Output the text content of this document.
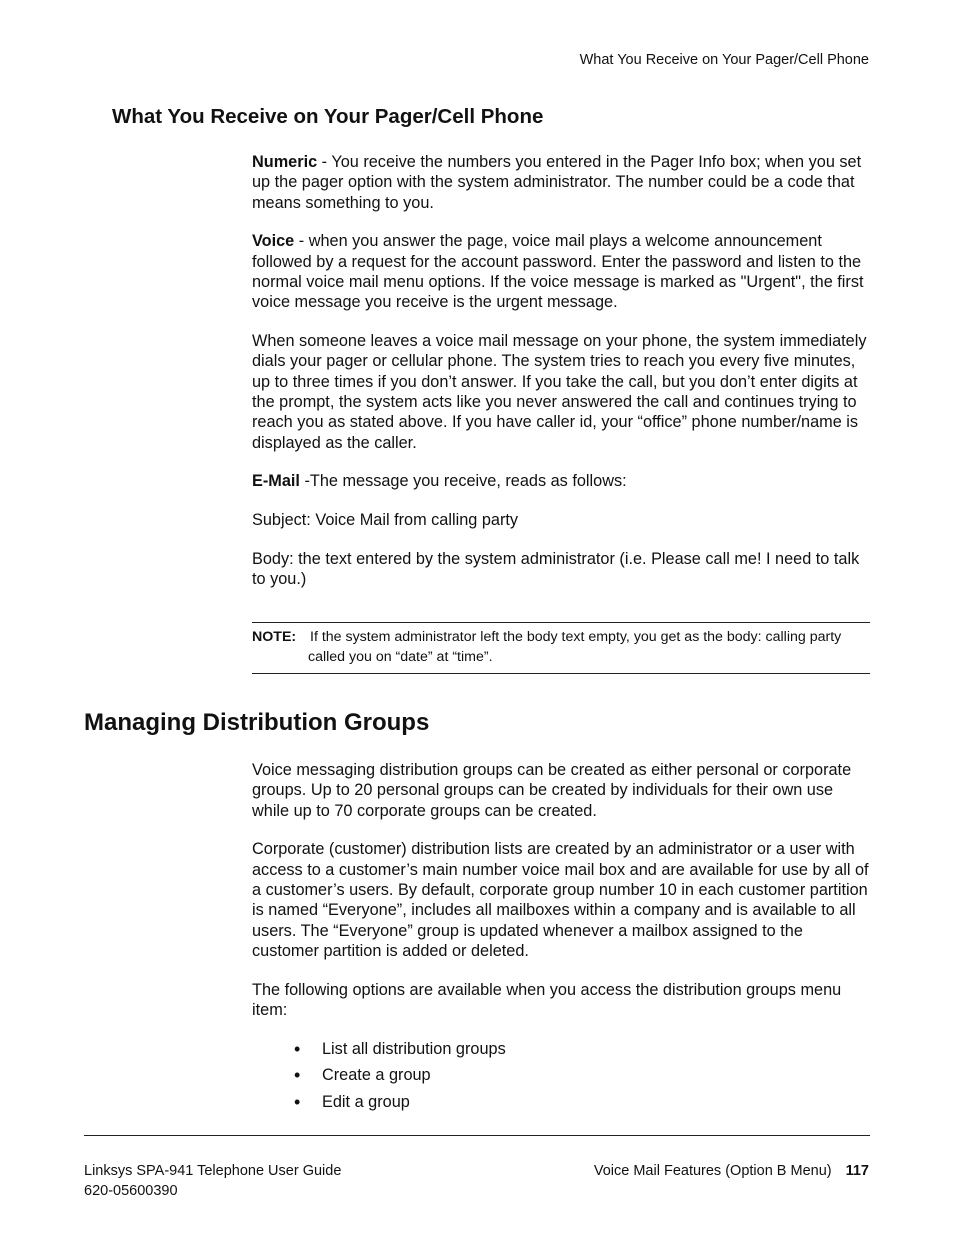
What You Receive on Your Pager/Cell Phone
What You Receive on Your Pager/Cell Phone

Numeric - You receive the numbers you entered in the Pager Info box; when you set up the pager option with the system administrator. The number could be a code that means something to you.

Voice - when you answer the page, voice mail plays a welcome announcement followed by a request for the account password. Enter the password and listen to the normal voice mail menu options. If the voice message is marked as "Urgent", the first voice message you receive is the urgent message.

When someone leaves a voice mail message on your phone, the system immediately dials your pager or cellular phone. The system tries to reach you every five minutes, up to three times if you don’t answer. If you take the call, but you don’t enter digits at the prompt, the system acts like you never answered the call and continues trying to reach you as stated above. If you have caller id, your “office” phone number/name is displayed as the caller.

E-Mail -The message you receive, reads as follows:

Subject: Voice Mail from calling party

Body: the text entered by the system administrator (i.e. Please call me! I need to talk to you.)

NOTE: If the system administrator left the body text empty, you get as the body: calling party called you on “date” at “time”.
Managing Distribution Groups

Voice messaging distribution groups can be created as either personal or corporate groups. Up to 20 personal groups can be created by individuals for their own use while up to 70 corporate groups can be created.

Corporate (customer) distribution lists are created by an administrator or a user with access to a customer’s main number voice mail box and are available for use by all of a customer’s users. By default, corporate group number 10 in each customer partition is named “Everyone”, includes all mailboxes within a company and is available to all users. The “Everyone” group is updated whenever a mailbox assigned to the customer partition is added or deleted.

The following options are available when you access the distribution groups menu item:

• List all distribution groups
• Create a group
• Edit a group
Linksys SPA-941 Telephone User Guide
620-05600390
Voice Mail Features (Option B Menu) 117
